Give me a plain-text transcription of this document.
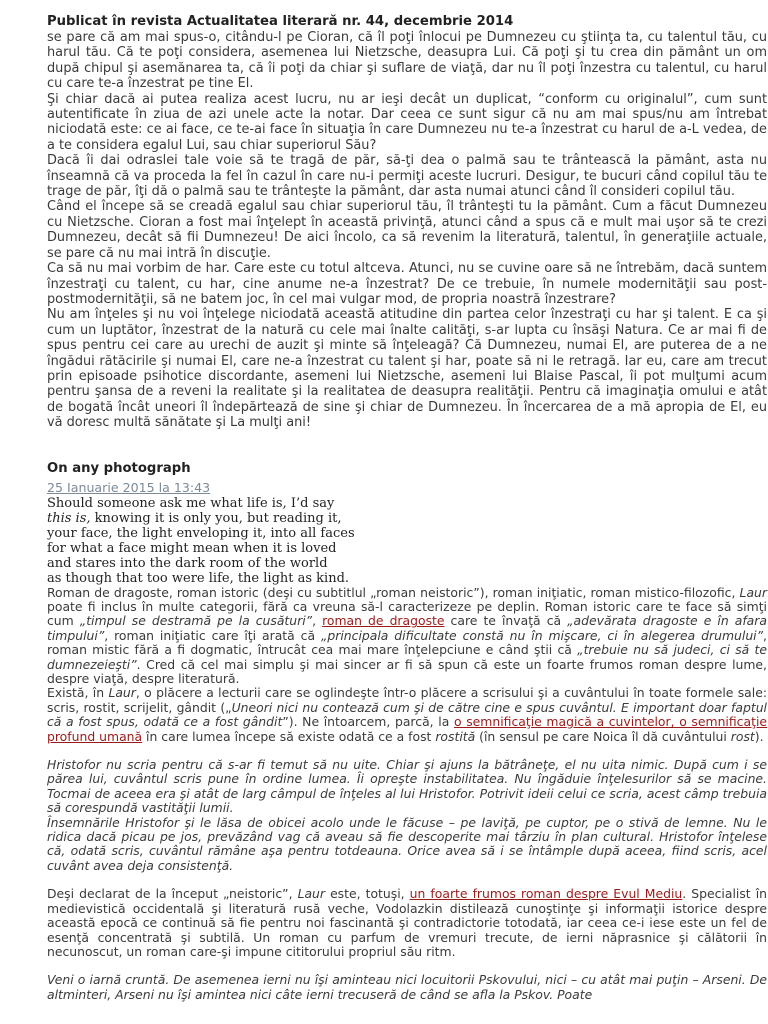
Publicat în revista Actualitatea literară nr. 44, decembrie 2014

se pare că am mai spus-o, citându-l pe Cioran, că îl poţi înlocui pe Dumnezeu cu ştiinţa ta, cu talentul tău, cu harul tău. Că te poţi considera, asemenea lui Nietzsche, deasupra Lui. Că poţi şi tu crea din pământ un om după chipul şi asemănarea ta, că îi poţi da chiar şi suflare de viaţă, dar nu îl poţi înzestra cu talentul, cu harul cu care te-a înzestrat pe tine El.

Şi chiar dacă ai putea realiza acest lucru, nu ar ieşi decât un duplicat, “conform cu originalul”, cum sunt autentificate în ziua de azi unele acte la notar. Dar ceea ce sunt sigur că nu am mai spus/nu am întrebat niciodată este: ce ai face, ce te-ai face în situaţia în care Dumnezeu nu te-a înzestrat cu harul de a-L vedea, de a te considera egalul Lui, sau chiar superiorul Său?

Dacă îi dai odraslei tale voie să te tragă de păr, să-ţi dea o palmă sau te trântească la pământ, asta nu înseamnă că va proceda la fel în cazul în care nu-i permiţi aceste lucruri. Desigur, te bucuri când copilul tău te trage de păr, îţi dă o palmă sau te trânteşte la pământ, dar asta numai atunci când îl consideri copilul tău.

Când el începe să se creadă egalul sau chiar superiorul tău, îl trânteşti tu la pământ. Cum a făcut Dumnezeu cu Nietzsche. Cioran a fost mai înţelept în această privinţă, atunci când a spus că e mult mai uşor să te crezi Dumnezeu, decât să fii Dumnezeu! De aici încolo, ca să revenim la literatură, talentul, în generaţiile actuale, se pare că nu mai intră în discuţie.

Ca să nu mai vorbim de har. Care este cu totul altceva. Atunci, nu se cuvine oare să ne întrebăm, dacă suntem înzestraţi cu talent, cu har, cine anume ne-a înzestrat? De ce trebuie, în numele modernităţii sau post-postmodernităţii, să ne batem joc, în cel mai vulgar mod, de propria noastră înzestrare?

Nu am înţeles şi nu voi înţelege niciodată această atitudine din partea celor înzestraţi cu har şi talent. E ca şi cum un luptător, înzestrat de la natură cu cele mai înalte calităţi, s-ar lupta cu însăşi Natura. Ce ar mai fi de spus pentru cei care au urechi de auzit şi minte să înţeleagă? Că Dumnezeu, numai El, are puterea de a ne îngădui rătăcirile şi numai El, care ne-a înzestrat cu talent şi har, poate să ni le retragă. Iar eu, care am trecut prin episoade psihotice discordante, asemeni lui Nietzsche, asemeni lui Blaise Pascal, îi pot mulţumi acum pentru şansa de a reveni la realitate şi la realitatea de deasupra realităţii. Pentru că imaginaţia omului e atât de bogată încât uneori îl îndepărtează de sine şi chiar de Dumnezeu. În încercarea de a mă apropia de El, eu vă doresc multă sănătate şi La mulţi ani!

On any photograph
25 Ianuarie 2015 la 13:43
Should someone ask me what life is, I’d say
this is, knowing it is only you, but reading it,
your face, the light enveloping it, into all faces
for what a face might mean when it is loved
and stares into the dark room of the world
as though that too were life, the light as kind.

Roman de dragoste, roman istoric (deşi cu subtitlul „roman neistoric”), roman iniţiatic, roman mistico-filozofic, Laur poate fi inclus în multe categorii, fără ca vreuna să-l caracterizeze pe deplin. Roman istoric care te face să simţi cum „timpul se destramă pe la cusături”, roman de dragoste care te învaţă că „adevărata dragoste e în afara timpului”, roman iniţiatic care îţi arată că „principala dificultate constă nu în mişcare, ci în alegerea drumului”, roman mistic fără a fi dogmatic, întrucât cea mai mare înţelepciune e când ştii că „trebuie nu să judeci, ci să te dumnezeieşti”. Cred că cel mai simplu şi mai sincer ar fi să spun că este un foarte frumos roman despre lume, despre viaţă, despre literatură.

Există, în Laur, o plăcere a lecturii care se oglindeşte într-o plăcere a scrisului şi a cuvântului în toate formele sale: scris, rostit, scrijelit, gândit („Uneori nici nu contează cum şi de către cine e spus cuvântul. E important doar faptul că a fost spus, odată ce a fost gândit”). Ne întoarcem, parcă, la o semnificaţie magică a cuvintelor, o semnificaţie profund umană în care lumea începe să existe odată ce a fost rostită (în sensul pe care Noica îl dă cuvântului rost).

Hristofor nu scria pentru că s-ar fi temut să nu uite. Chiar şi ajuns la bătrâneţe, el nu uita nimic. După cum i se părea lui, cuvântul scris pune în ordine lumea. Îi opreşte instabilitatea. Nu îngăduie înţelesurilor să se macine. Tocmai de aceea era şi atât de larg câmpul de înţeles al lui Hristofor. Potrivit ideii celui ce scria, acest câmp trebuia să corespundă vastităţii lumii.

Însemnările Hristofor şi le lăsa de obicei acolo unde le făcuse – pe laviţă, pe cuptor, pe o stivă de lemne. Nu le ridica dacă picau pe jos, prevăzând vag că aveau să fie descoperite mai târziu în plan cultural. Hristofor înţelese că, odată scris, cuvântul rămâne aşa pentru totdeauna. Orice avea să i se întâmple după aceea, fiind scris, acel cuvânt avea deja consistenţă.

Deşi declarat de la început „neistoric”, Laur este, totuşi, un foarte frumos roman despre Evul Mediu. Specialist în medievistică occidentală şi literatură rusă veche, Vodolazkin distilează cunoştinţe şi informaţii istorice despre această epocă ce continuă să fie pentru noi fascinantă şi contradictorie totodată, iar ceea ce-i iese este un fel de esenţă concentrată şi subtilă. Un roman cu parfum de vremuri trecute, de ierni năprasnice şi călătorii în necunoscut, un roman care-şi impune cititorului propriul său ritm.

Veni o iarnă cruntă. De asemenea ierni nu îşi aminteau nici locuitorii Pskovului, nici – cu atât mai puţin – Arseni. De altminteri, Arseni nu îşi amintea nici câte ierni trecuseră de când se afla la Pskov. Poate
